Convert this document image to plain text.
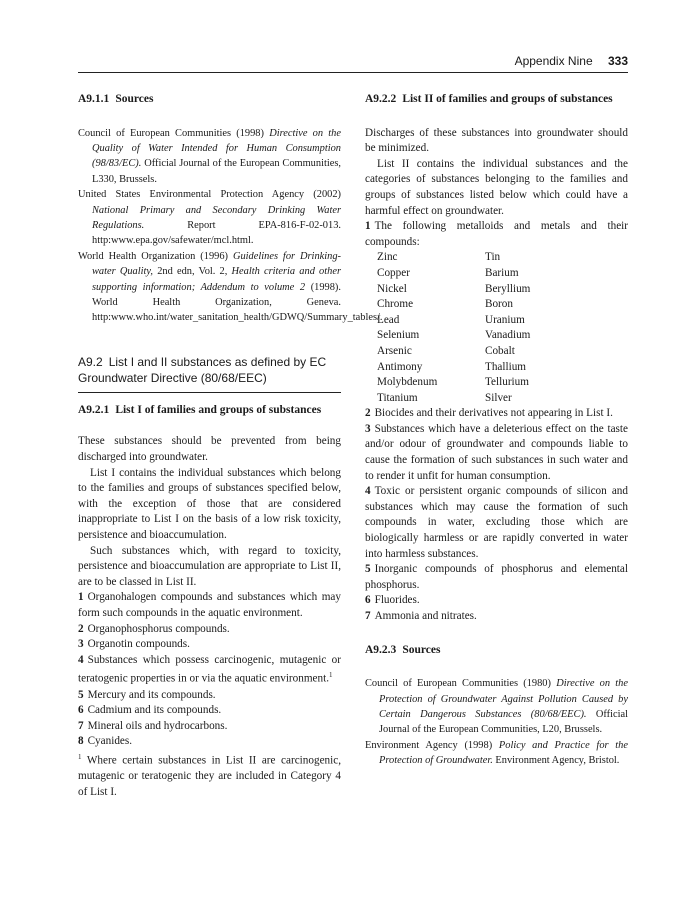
Appendix Nine 333
A9.1.1 Sources
Council of European Communities (1998) Directive on the Quality of Water Intended for Human Consumption (98/83/EC). Official Journal of the European Communities, L330, Brussels.
United States Environmental Protection Agency (2002) National Primary and Secondary Drinking Water Regulations. Report EPA-816-F-02-013. http:www.epa.gov/safewater/mcl.html.
World Health Organization (1996) Guidelines for Drinking-water Quality, 2nd edn, Vol. 2, Health criteria and other supporting information; Addendum to volume 2 (1998). World Health Organization, Geneva. http:www.who.int/water_sanitation_health/GDWQ/Summary_tables/.
A9.2 List I and II substances as defined by EC Groundwater Directive (80/68/EEC)
A9.2.1 List I of families and groups of substances

These substances should be prevented from being discharged into groundwater.

List I contains the individual substances which belong to the families and groups of substances specified below, with the exception of those that are considered inappropriate to List I on the basis of a low risk toxicity, persistence and bioaccumulation.

Such substances which, with regard to toxicity, persistence and bioaccumulation are appropriate to List II, are to be classed in List II.

1 Organohalogen compounds and substances which may form such compounds in the aquatic environment.
2 Organophosphorus compounds.
3 Organotin compounds.
4 Substances which possess carcinogenic, mutagenic or teratogenic properties in or via the aquatic environment.$^1$
5 Mercury and its compounds.
6 Cadmium and its compounds.
7 Mineral oils and hydrocarbons.
8 Cyanides.
$^1$ Where certain substances in List II are carcinogenic, mutagenic or teratogenic they are included in Category 4 of List I.
A9.2.2 List II of families and groups of substances

Discharges of these substances into groundwater should be minimized.

List II contains the individual substances and the categories of substances belonging to the families and groups of substances listed below which could have a harmful effect on groundwater.

1 The following metalloids and metals and their compounds:
Zinc	Tin
Copper	Barium
Nickel	Beryllium
Chrome	Boron
Lead	Uranium
Selenium	Vanadium
Arsenic	Cobalt
Antimony	Thallium
Molybdenum	Tellurium
Titanium	Silver
2 Biocides and their derivatives not appearing in List I.
3 Substances which have a deleterious effect on the taste and/or odour of groundwater and compounds liable to cause the formation of such substances in such water and to render it unfit for human consumption.
4 Toxic or persistent organic compounds of silicon and substances which may cause the formation of such compounds in water, excluding those which are biologically harmless or are rapidly converted in water into harmless substances.
5 Inorganic compounds of phosphorus and elemental phosphorus.
6 Fluorides.
7 Ammonia and nitrates.
A9.2.3 Sources
Council of European Communities (1980) Directive on the Protection of Groundwater Against Pollution Caused by Certain Dangerous Substances (80/68/EEC). Official Journal of the European Communities, L20, Brussels.
Environment Agency (1998) Policy and Practice for the Protection of Groundwater. Environment Agency, Bristol.
